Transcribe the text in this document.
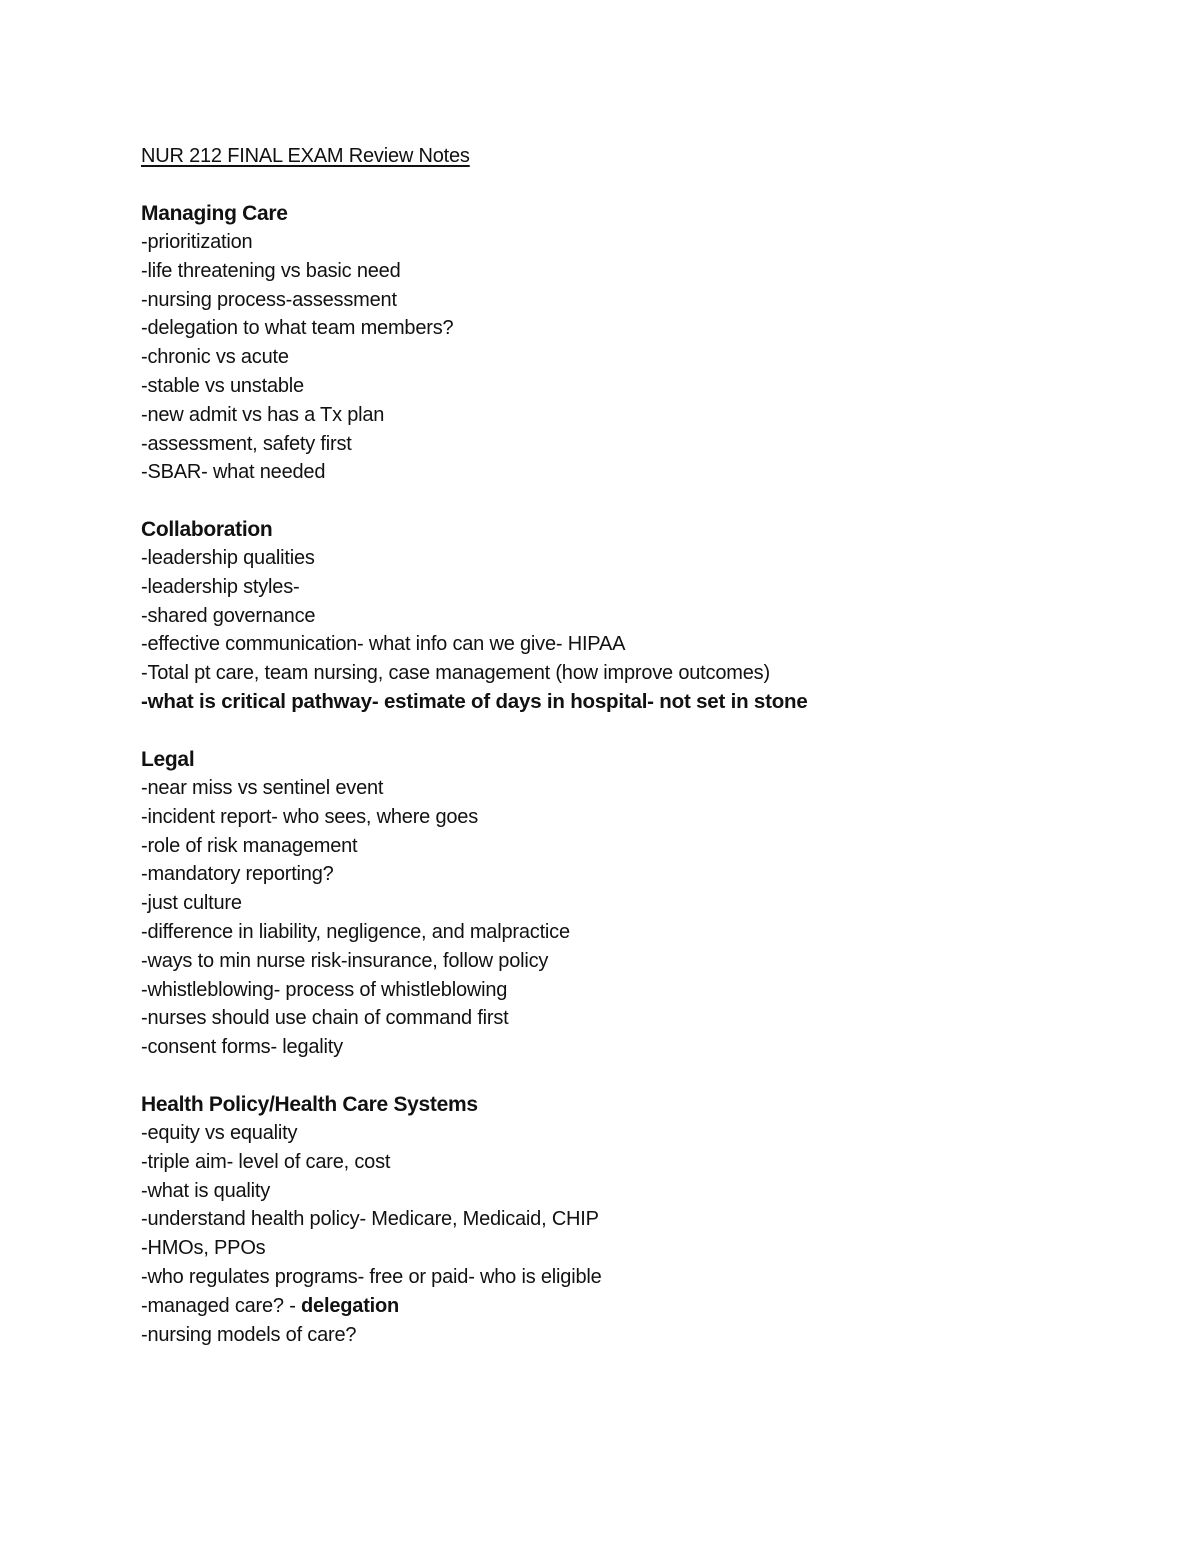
NUR 212 FINAL EXAM Review Notes
Managing Care
-prioritization
-life threatening vs basic need
-nursing process-assessment
-delegation to what team members?
-chronic vs acute
-stable vs unstable
-new admit vs has a Tx plan
-assessment, safety first
-SBAR- what needed
Collaboration
-leadership qualities
-leadership styles-
-shared governance
-effective communication- what info can we give- HIPAA
-Total pt care, team nursing, case management (how improve outcomes)
-what is critical pathway- estimate of days in hospital- not set in stone
Legal
-near miss vs sentinel event
-incident report- who sees, where goes
-role of risk management
-mandatory reporting?
-just culture
-difference in liability, negligence, and malpractice
-ways to min nurse risk-insurance, follow policy
-whistleblowing- process of whistleblowing
-nurses should use chain of command first
-consent forms- legality
Health Policy/Health Care Systems
-equity vs equality
-triple aim- level of care, cost
-what is quality
-understand health policy- Medicare, Medicaid, CHIP
-HMOs, PPOs
-who regulates programs- free or paid- who is eligible
-managed care? - delegation
-nursing models of care?
